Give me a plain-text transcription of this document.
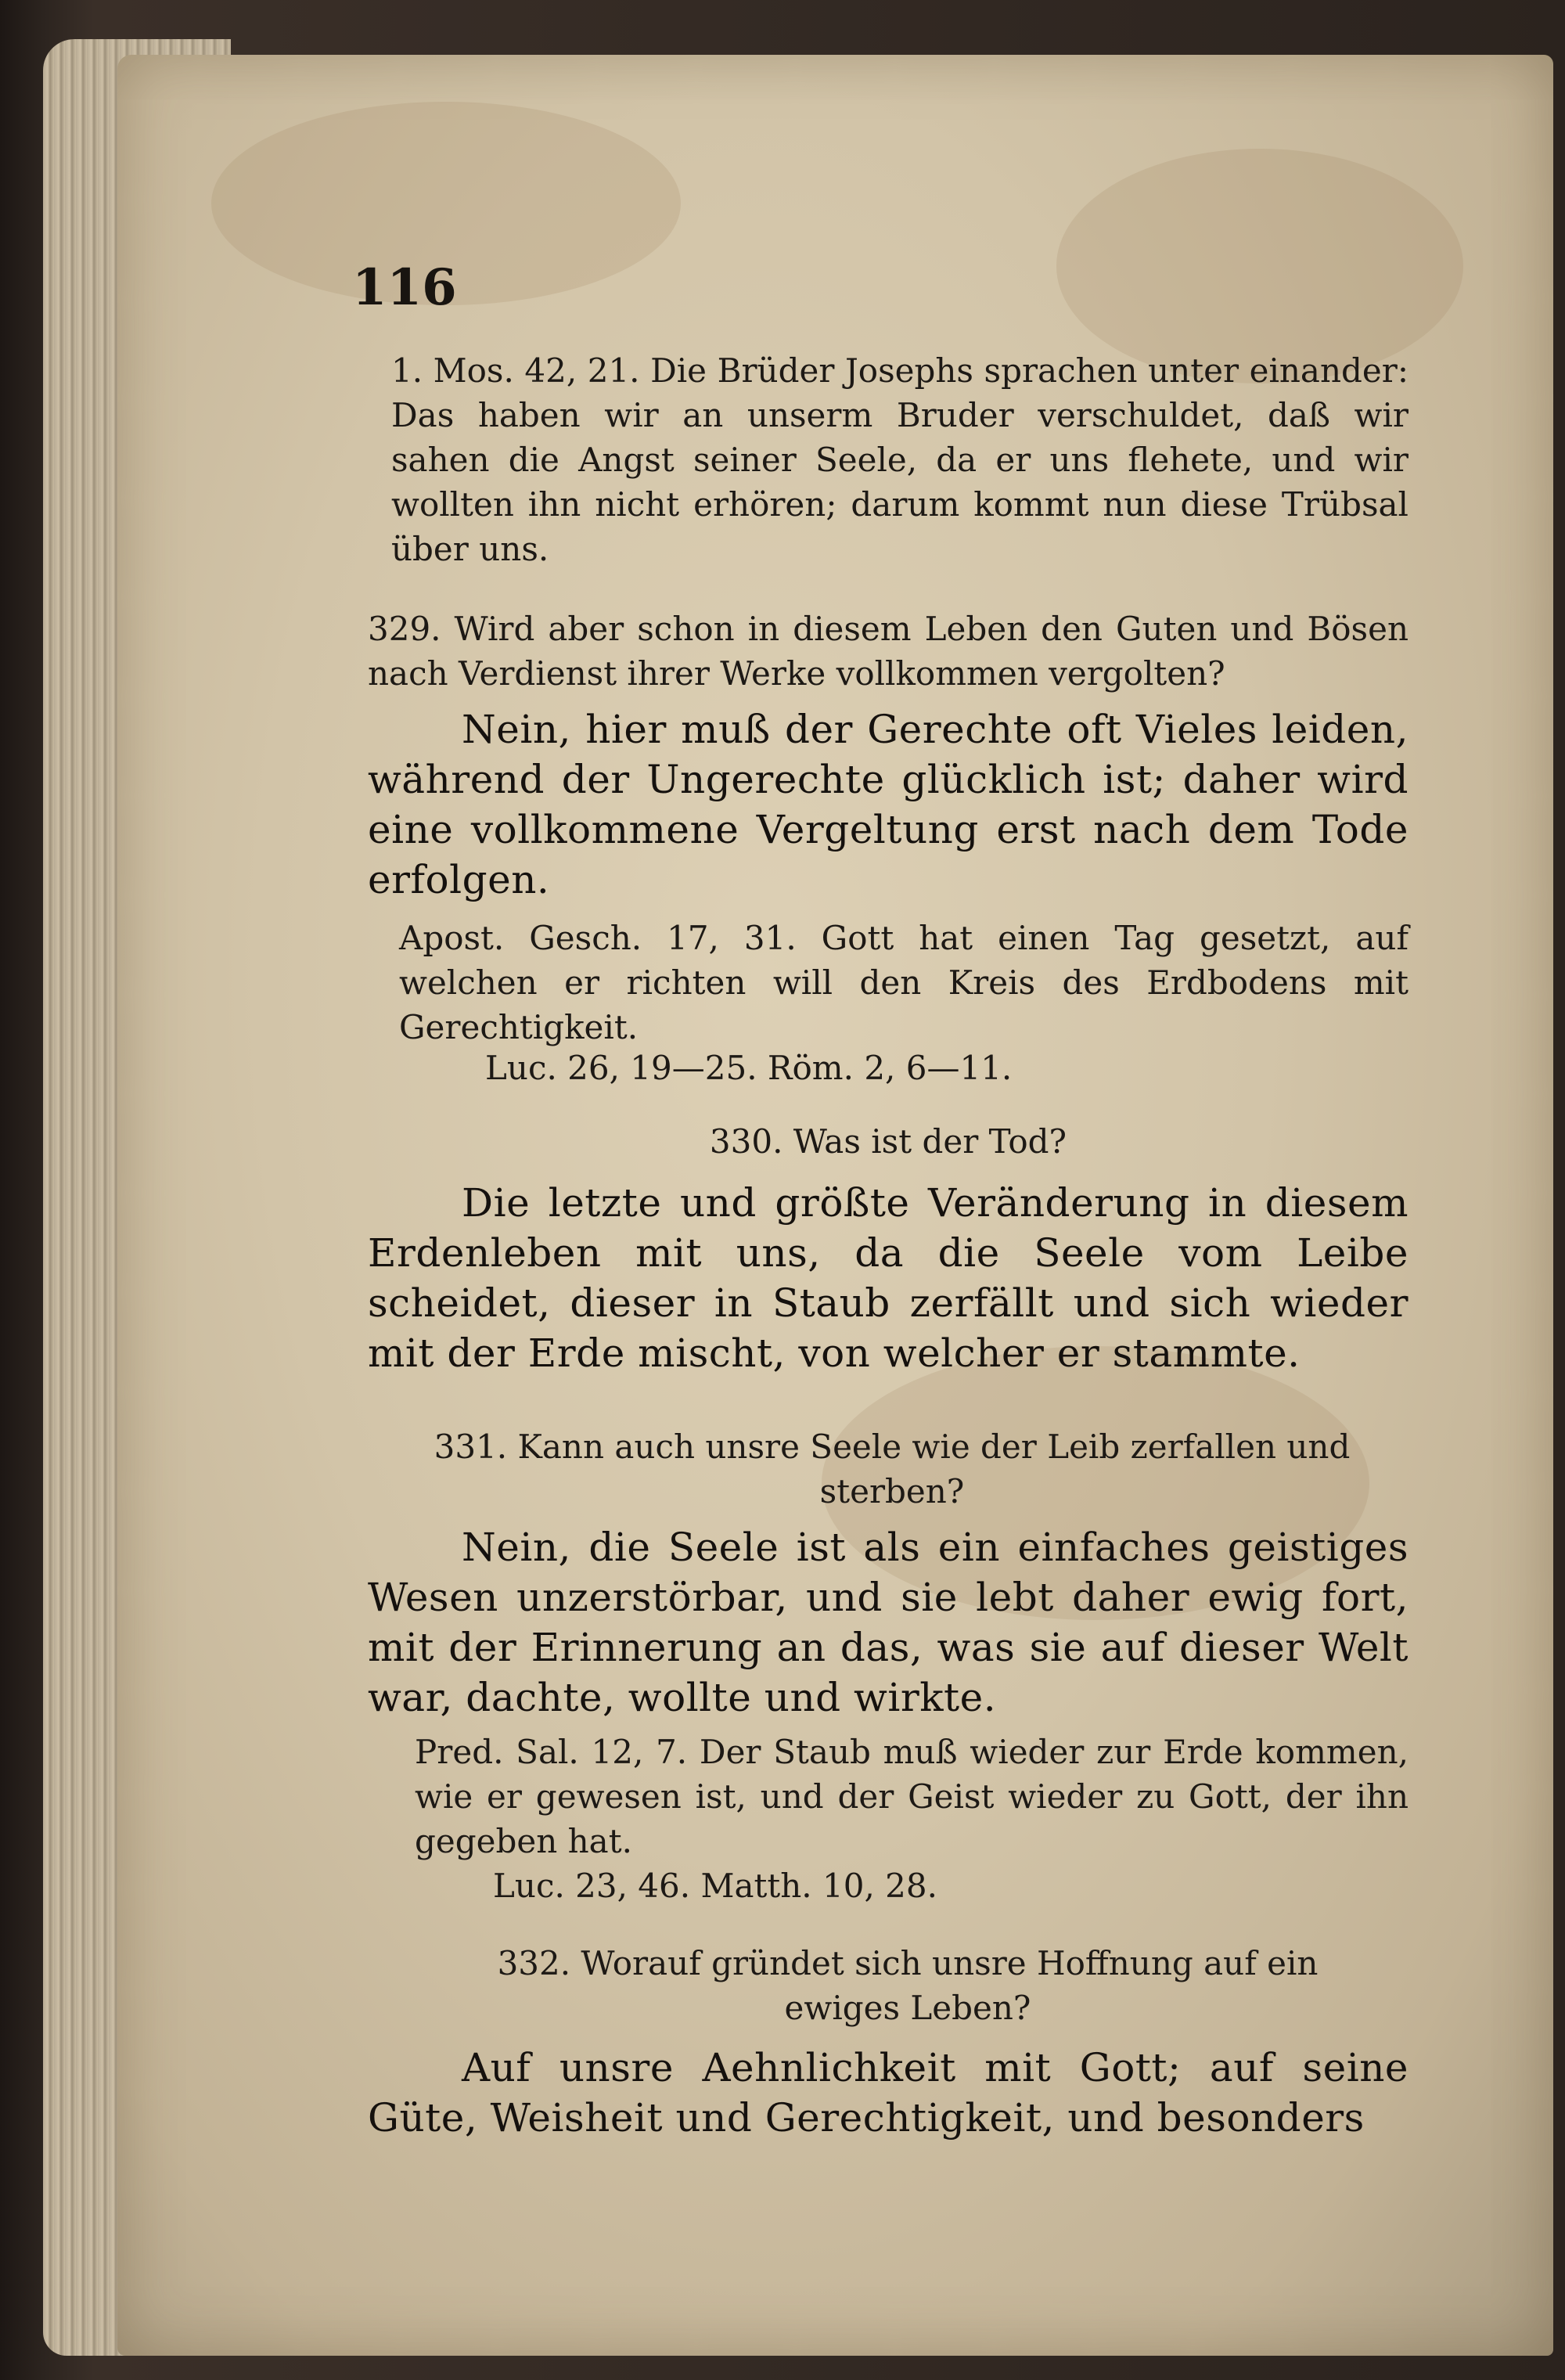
116
1. Mos. 42, 21. Die Brüder Josephs sprachen unter einander: Das haben wir an unserm Bruder verschuldet, daß wir sahen die Angst seiner Seele, da er uns flehete, und wir wollten ihn nicht erhören; darum kommt nun diese Trübsal über uns.
329. Wird aber schon in diesem Leben den Guten und Bösen nach Verdienst ihrer Werke vollkommen vergolten?
Nein, hier muß der Gerechte oft Vieles leiden, während der Ungerechte glücklich ist; daher wird eine vollkommene Vergeltung erst nach dem Tode erfolgen.
Apost. Gesch. 17, 31. Gott hat einen Tag gesetzt, auf welchen er richten will den Kreis des Erdbodens mit Gerechtigkeit.
Luc. 26, 19—25. Röm. 2, 6—11.
330. Was ist der Tod?
Die letzte und größte Veränderung in diesem Erdenleben mit uns, da die Seele vom Leibe scheidet, dieser in Staub zerfällt und sich wieder mit der Erde mischt, von welcher er stammte.
331. Kann auch unsre Seele wie der Leib zerfallen und sterben?
Nein, die Seele ist als ein einfaches geistiges Wesen unzerstörbar, und sie lebt daher ewig fort, mit der Erinnerung an das, was sie auf dieser Welt war, dachte, wollte und wirkte.
Pred. Sal. 12, 7. Der Staub muß wieder zur Erde kommen, wie er gewesen ist, und der Geist wieder zu Gott, der ihn gegeben hat.
Luc. 23, 46. Matth. 10, 28.
332. Worauf gründet sich unsre Hoffnung auf ein ewiges Leben?
Auf unsre Aehnlichkeit mit Gott; auf seine Güte, Weisheit und Gerechtigkeit, und besonders
